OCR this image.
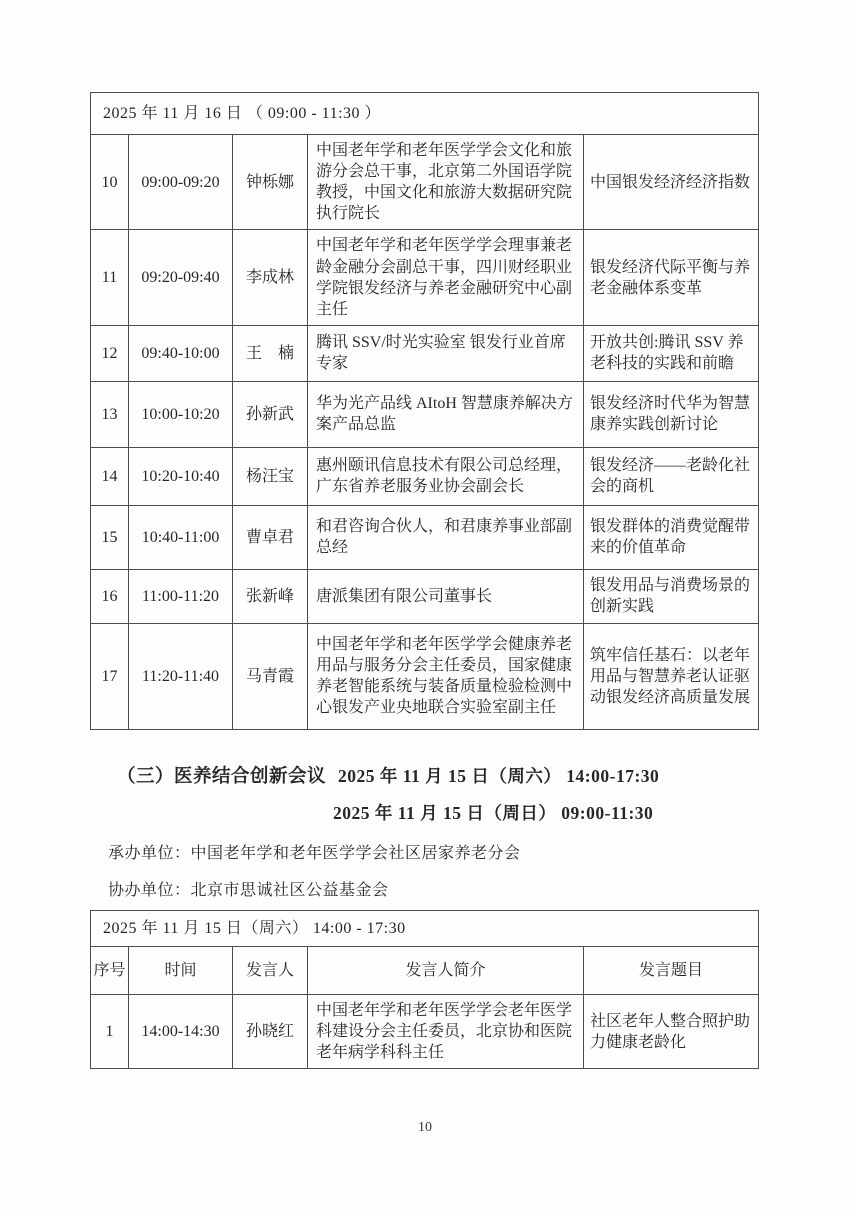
2025 年 11 月 16 日 （ 09:00 - 11:30 ）				
10	09:00-09:20	钟栎娜	中国老年学和老年医学学会文化和旅游分会总干事，北京第二外国语学院教授，中国文化和旅游大数据研究院执行院长	中国银发经济经济指数
11	09:20-09:40	李成林	中国老年学和老年医学学会理事兼老龄金融分会副总干事，四川财经职业学院银发经济与养老金融研究中心副主任	银发经济代际平衡与养老金融体系变革
12	09:40-10:00	王　楠	腾讯 SSV/时光实验室 银发行业首席专家	开放共创:腾讯 SSV 养老科技的实践和前瞻
13	10:00-10:20	孙新武	华为光产品线 AItoH 智慧康养解决方案产品总监	银发经济时代华为智慧康养实践创新讨论
14	10:20-10:40	杨汪宝	惠州颐讯信息技术有限公司总经理，广东省养老服务业协会副会长	银发经济——老龄化社会的商机
15	10:40-11:00	曹卓君	和君咨询合伙人，和君康养事业部副总经	银发群体的消费觉醒带来的价值革命
16	11:00-11:20	张新峰	唐派集团有限公司董事长	银发用品与消费场景的创新实践
17	11:20-11:40	马青霞	中国老年学和老年医学学会健康养老用品与服务分会主任委员，国家健康养老智能系统与装备质量检验检测中心银发产业央地联合实验室副主任	筑牢信任基石：以老年用品与智慧养老认证驱动银发经济高质量发展
（三）医养结合创新会议 2025 年 11 月 15 日（周六） 14:00-17:30
2025 年 11 月 15 日（周日） 09:00-11:30
承办单位：中国老年学和老年医学学会社区居家养老分会
协办单位：北京市思诚社区公益基金会
2025 年 11 月 15 日（周六） 14:00 - 17:30				
序号	时间	发言人	发言人简介	发言题目
1	14:00-14:30	孙晓红	中国老年学和老年医学学会老年医学科建设分会主任委员，北京协和医院老年病学科科主任	社区老年人整合照护助力健康老龄化
10
